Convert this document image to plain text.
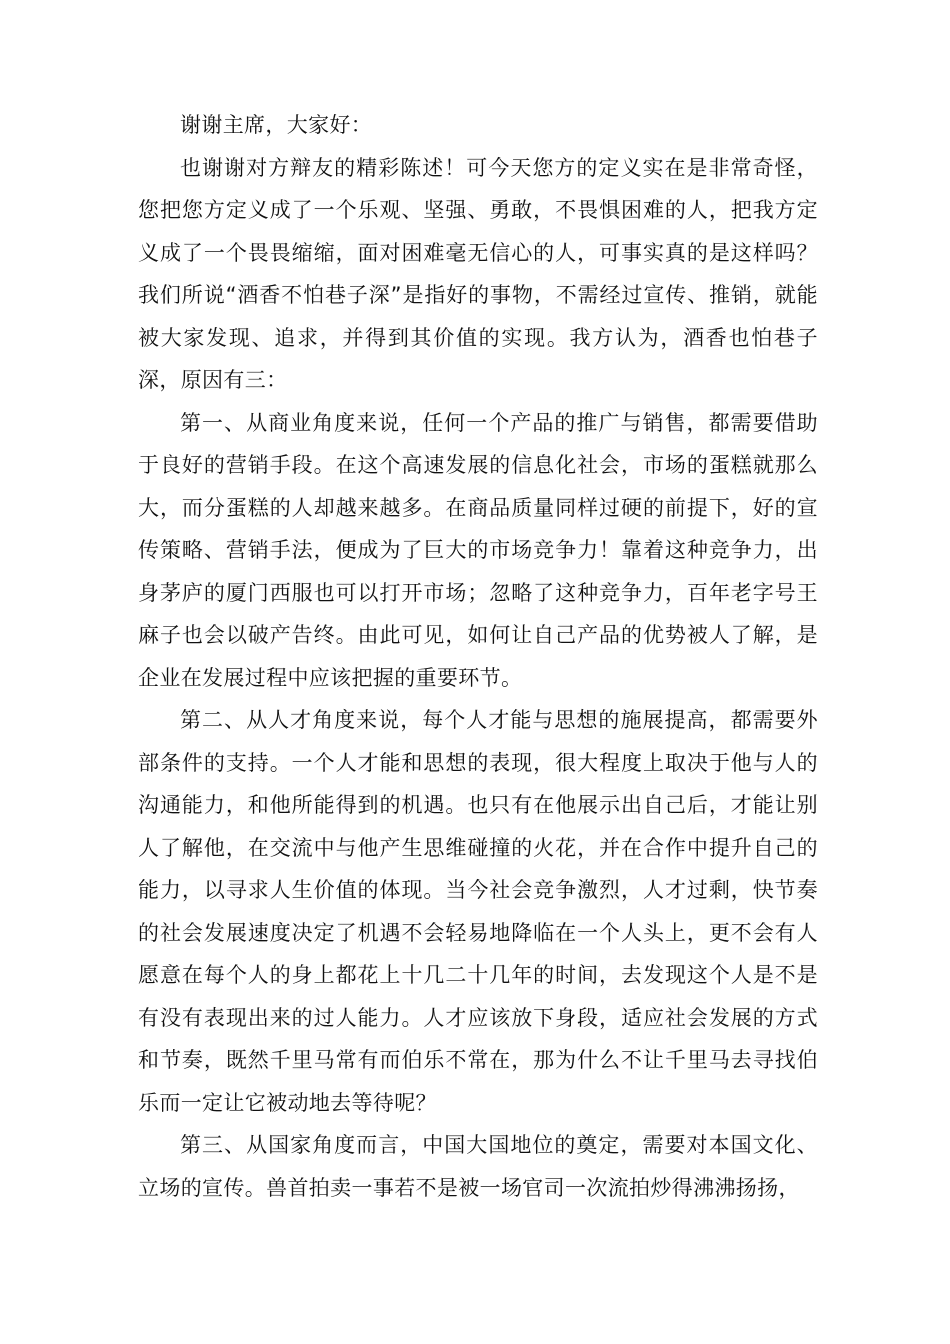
谢谢主席，大家好：

也谢谢对方辩友的精彩陈述！可今天您方的定义实在是非常奇怪，您把您方定义成了一个乐观、坚强、勇敢，不畏惧困难的人，把我方定义成了一个畏畏缩缩，面对困难毫无信心的人，可事实真的是这样吗？我们所说“酒香不怕巷子深”是指好的事物，不需经过宣传、推销，就能被大家发现、追求，并得到其价值的实现。我方认为，酒香也怕巷子深，原因有三：

第一、从商业角度来说，任何一个产品的推广与销售，都需要借助于良好的营销手段。在这个高速发展的信息化社会，市场的蛋糕就那么大，而分蛋糕的人却越来越多。在商品质量同样过硬的前提下，好的宣传策略、营销手法，便成为了巨大的市场竞争力！靠着这种竞争力，出身茅庐的厦门西服也可以打开市场；忽略了这种竞争力，百年老字号王麻子也会以破产告终。由此可见，如何让自己产品的优势被人了解，是企业在发展过程中应该把握的重要环节。

第二、从人才角度来说，每个人才能与思想的施展提高，都需要外部条件的支持。一个人才能和思想的表现，很大程度上取决于他与人的沟通能力，和他所能得到的机遇。也只有在他展示出自己后，才能让别人了解他，在交流中与他产生思维碰撞的火花，并在合作中提升自己的能力，以寻求人生价值的体现。当今社会竞争激烈，人才过剩，快节奏的社会发展速度决定了机遇不会轻易地降临在一个人头上，更不会有人愿意在每个人的身上都花上十几二十几年的时间，去发现这个人是不是有没有表现出来的过人能力。人才应该放下身段，适应社会发展的方式和节奏，既然千里马常有而伯乐不常在，那为什么不让千里马去寻找伯乐而一定让它被动地去等待呢？

第三、从国家角度而言，中国大国地位的奠定，需要对本国文化、立场的宣传。兽首拍卖一事若不是被一场官司一次流拍炒得沸沸扬扬，
